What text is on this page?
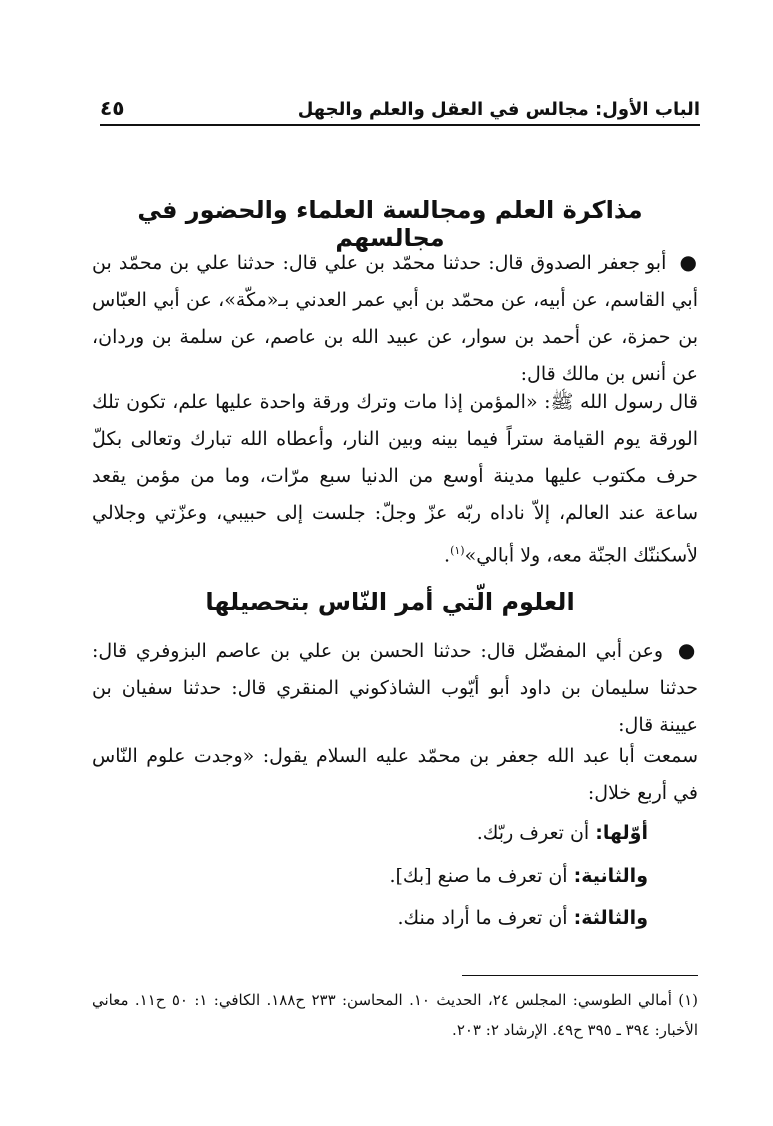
الباب الأول: مجالس في العقل والعلم والجهل
٤٥
مذاكرة العلم ومجالسة العلماء والحضور في مجالسهم
● أبو جعفر الصدوق قال: حدثنا محمّد بن علي قال: حدثنا علي بن محمّد بن أبي القاسم، عن أبيه، عن محمّد بن أبي عمر العدني بـ«مكّة»، عن أبي العبّاس بن حمزة، عن أحمد بن سوار، عن عبيد الله بن عاصم، عن سلمة بن وردان، عن أنس بن مالك قال:
قال رسول الله ﷺ: «المؤمن إذا مات وترك ورقة واحدة عليها علم، تكون تلك الورقة يوم القيامة ستراً فيما بينه وبين النار، وأعطاه الله تبارك وتعالى بكلّ حرف مكتوب عليها مدينة أوسع من الدنيا سبع مرّات، وما من مؤمن يقعد ساعة عند العالم، إلاّ ناداه ربّه عزّ وجلّ: جلست إلى حبيبي، وعزّتي وجلالي لأسكننّك الجنّة معه، ولا أبالي»$^{(١)}$.
العلوم الّتي أمر النّاس بتحصيلها
● وعن أبي المفضّل قال: حدثنا الحسن بن علي بن عاصم البزوفري قال: حدثنا سليمان بن داود أبو أيّوب الشاذكوني المنقري قال: حدثنا سفيان بن عيينة قال:
سمعت أبا عبد الله جعفر بن محمّد عليه السلام يقول: «وجدت علوم النّاس في أربع خلال:
أوّلها: أن تعرف ربّك.
والثانية: أن تعرف ما صنع [بك].
والثالثة: أن تعرف ما أراد منك.
(١) أمالي الطوسي: المجلس ٢٤، الحديث ١٠. المحاسن: ٢٣٣ ح١٨٨. الكافي: ١: ٥٠ ح١١. معاني الأخبار: ٣٩٤ ـ ٣٩٥ ح٤٩. الإرشاد ٢: ٢٠٣.
